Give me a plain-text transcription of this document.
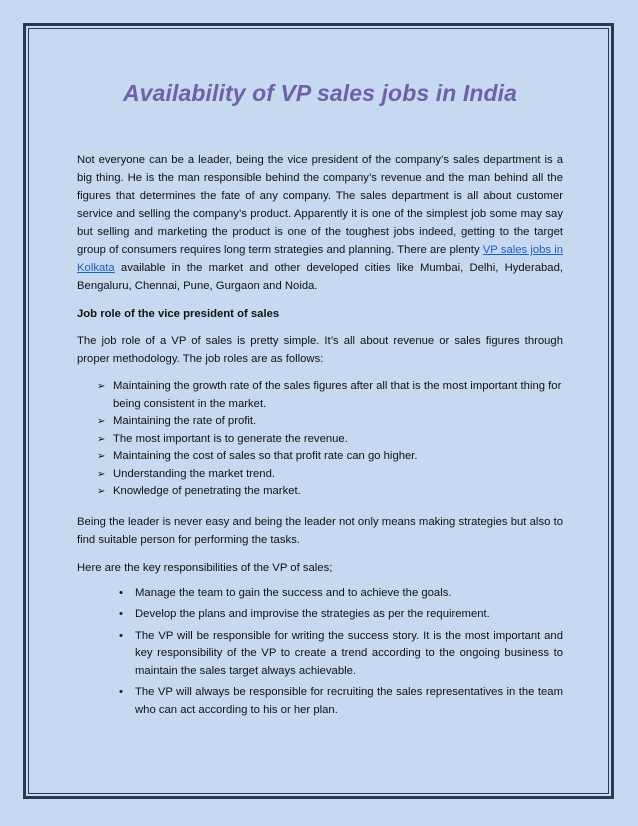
Availability of VP sales jobs in India

Not everyone can be a leader, being the vice president of the company’s sales department is a big thing. He is the man responsible behind the company’s revenue and the man behind all the figures that determines the fate of any company. The sales department is all about customer service and selling the company’s product. Apparently it is one of the simplest job some may say but selling and marketing the product is one of the toughest jobs indeed, getting to the target group of consumers requires long term strategies and planning. There are plenty VP sales jobs in Kolkata available in the market and other developed cities like Mumbai, Delhi, Hyderabad, Bengaluru, Chennai, Pune, Gurgaon and Noida.

Job role of the vice president of sales

The job role of a VP of sales is pretty simple. It’s all about revenue or sales figures through proper methodology. The job roles are as follows:

➢ Maintaining the growth rate of the sales figures after all that is the most important thing for being consistent in the market.
➢ Maintaining the rate of profit.
➢ The most important is to generate the revenue.
➢ Maintaining the cost of sales so that profit rate can go higher.
➢ Understanding the market trend.
➢ Knowledge of penetrating the market.

Being the leader is never easy and being the leader not only means making strategies but also to find suitable person for performing the tasks.

Here are the key responsibilities of the VP of sales;

• Manage the team to gain the success and to achieve the goals.
• Develop the plans and improvise the strategies as per the requirement.
• The VP will be responsible for writing the success story. It is the most important and key responsibility of the VP to create a trend according to the ongoing business to maintain the sales target always achievable.
• The VP will always be responsible for recruiting the sales representatives in the team who can act according to his or her plan.
